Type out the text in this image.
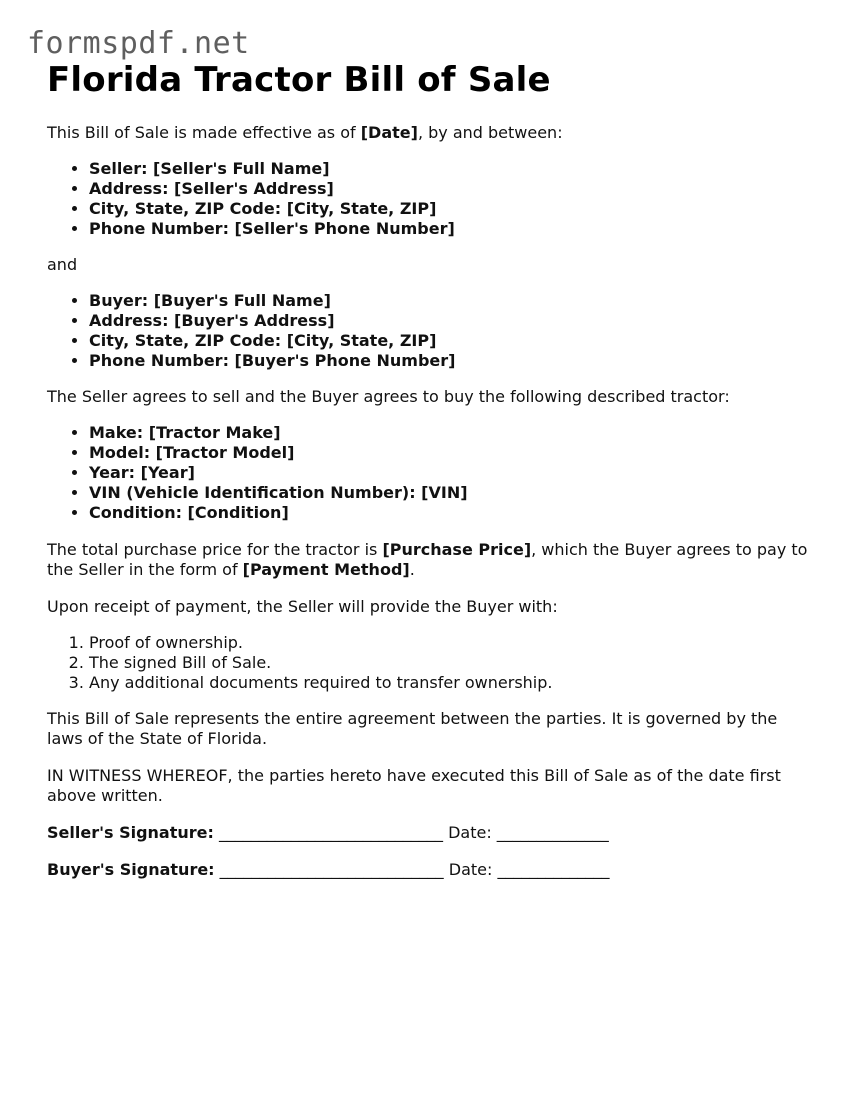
formspdf.net
Florida Tractor Bill of Sale

This Bill of Sale is made effective as of [Date], by and between:

• Seller: [Seller's Full Name]
• Address: [Seller's Address]
• City, State, ZIP Code: [City, State, ZIP]
• Phone Number: [Seller's Phone Number]

and

• Buyer: [Buyer's Full Name]
• Address: [Buyer's Address]
• City, State, ZIP Code: [City, State, ZIP]
• Phone Number: [Buyer's Phone Number]

The Seller agrees to sell and the Buyer agrees to buy the following described tractor:

• Make: [Tractor Make]
• Model: [Tractor Model]
• Year: [Year]
• VIN (Vehicle Identification Number): [VIN]
• Condition: [Condition]

The total purchase price for the tractor is [Purchase Price], which the Buyer agrees to pay to the Seller in the form of [Payment Method].

Upon receipt of payment, the Seller will provide the Buyer with:

1. Proof of ownership.
2. The signed Bill of Sale.
3. Any additional documents required to transfer ownership.

This Bill of Sale represents the entire agreement between the parties. It is governed by the laws of the State of Florida.

IN WITNESS WHEREOF, the parties hereto have executed this Bill of Sale as of the date first above written.

Seller's Signature: ____________________________ Date: ______________

Buyer's Signature: ____________________________ Date: ______________
